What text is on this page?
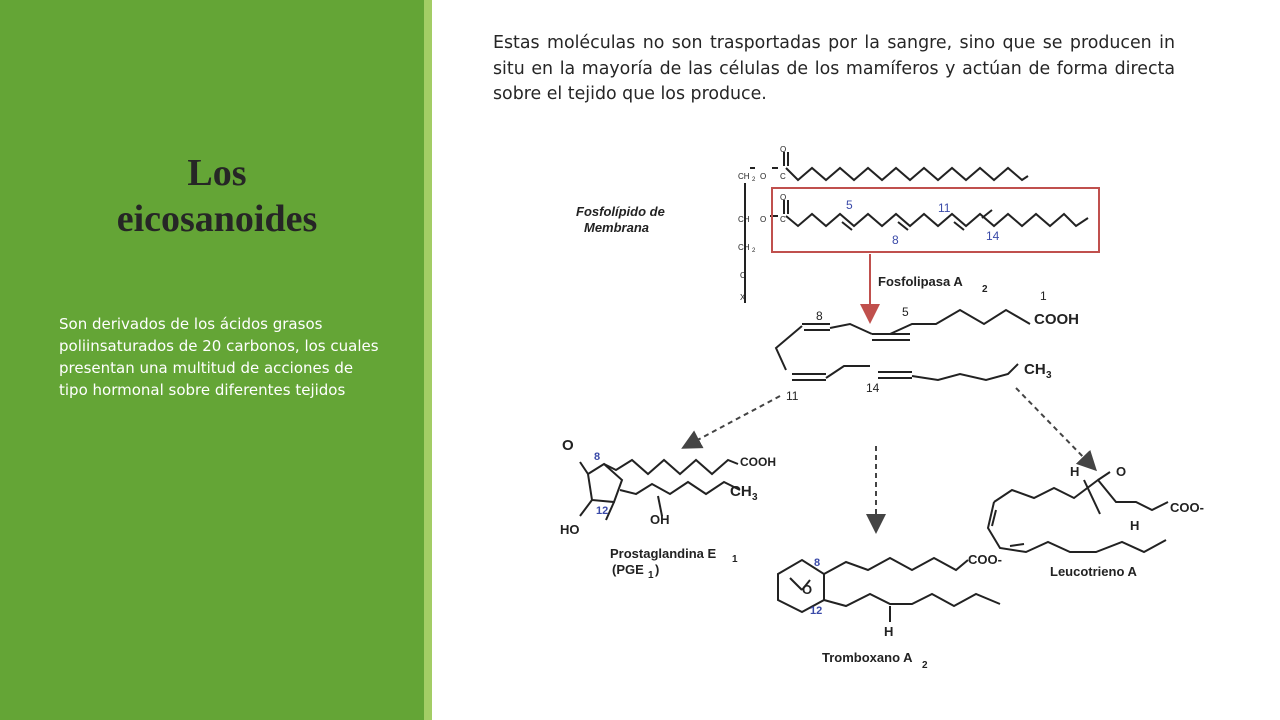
Los
eicosanoides
Son derivados de los ácidos grasos poliinsaturados de 20 carbonos, los cuales presentan una multitud de acciones de tipo hormonal sobre diferentes tejidos
Estas moléculas no son trasportadas por la sangre, sino que se producen in situ en la mayoría de las células de los mamíferos y actúan de forma directa sobre el tejido que los produce.
Fosfolípido de
Membrana
CH 2 O C
O
CH O C
O
CH 2
O
X
5	11
8	14
Fosfolipasa A
2	1
COOH
5
8
11
14
CH 3
O
8	COOH
CH 3
12
HO
OH
Prostaglandina E 1
(PGE 1 )	8
12
O
COO-
H
Tromboxano A
2
H	O
COO-
H
Leucotrieno A
